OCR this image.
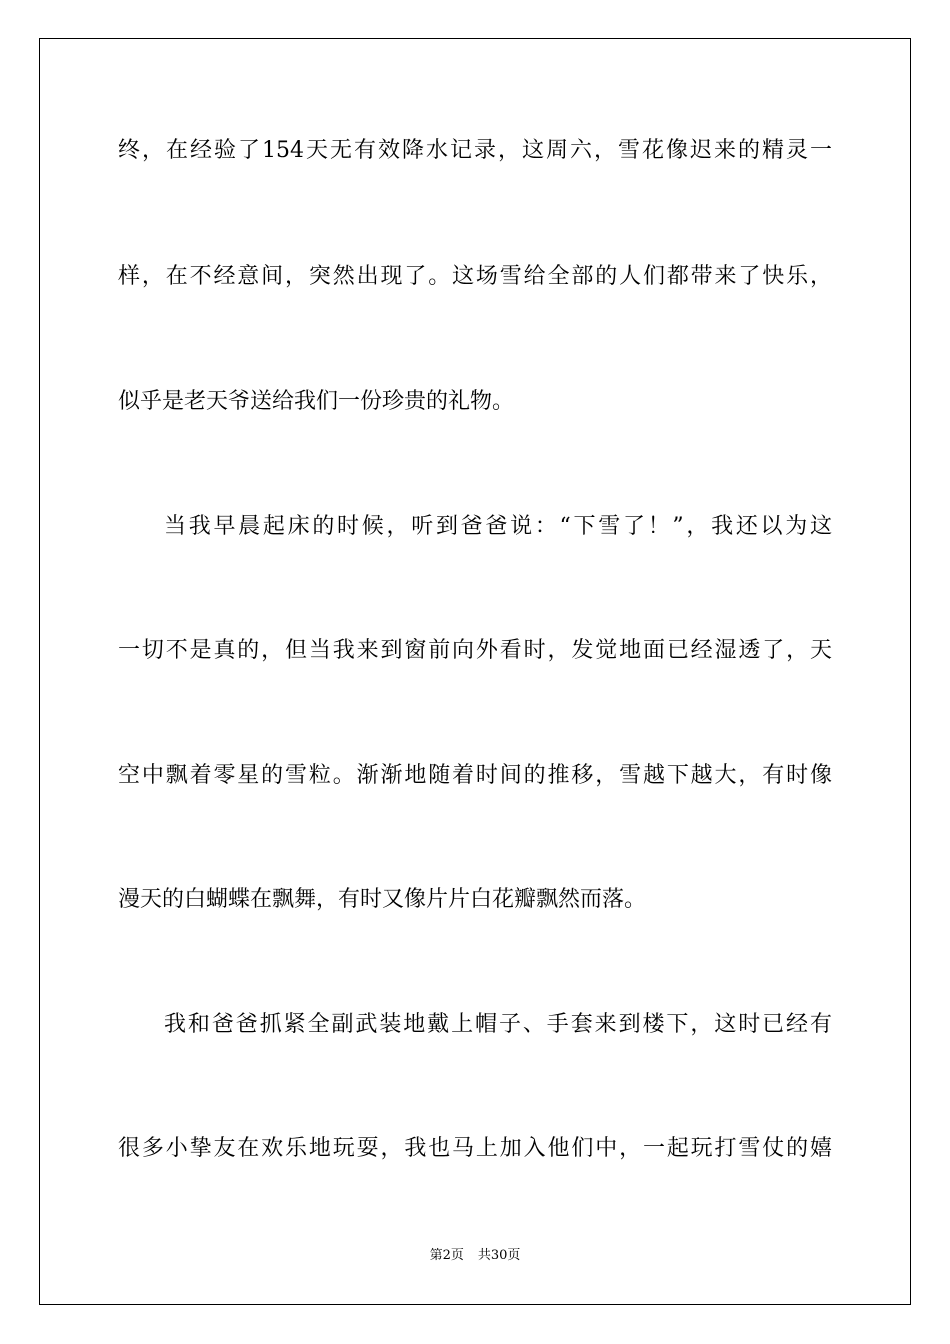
终，在经验了154天无有效降水记录，这周六，雪花像迟来的精灵一
样，在不经意间，突然出现了。这场雪给全部的人们都带来了快乐，
似乎是老天爷送给我们一份珍贵的礼物。
当我早晨起床的时候，听到爸爸说：“下雪了！”，我还以为这
一切不是真的，但当我来到窗前向外看时，发觉地面已经湿透了，天
空中飘着零星的雪粒。渐渐地随着时间的推移，雪越下越大，有时像
漫天的白蝴蝶在飘舞，有时又像片片白花瓣飘然而落。
我和爸爸抓紧全副武装地戴上帽子、手套来到楼下，这时已经有
很多小挚友在欢乐地玩耍，我也马上加入他们中，一起玩打雪仗的嬉
第2页 共30页
